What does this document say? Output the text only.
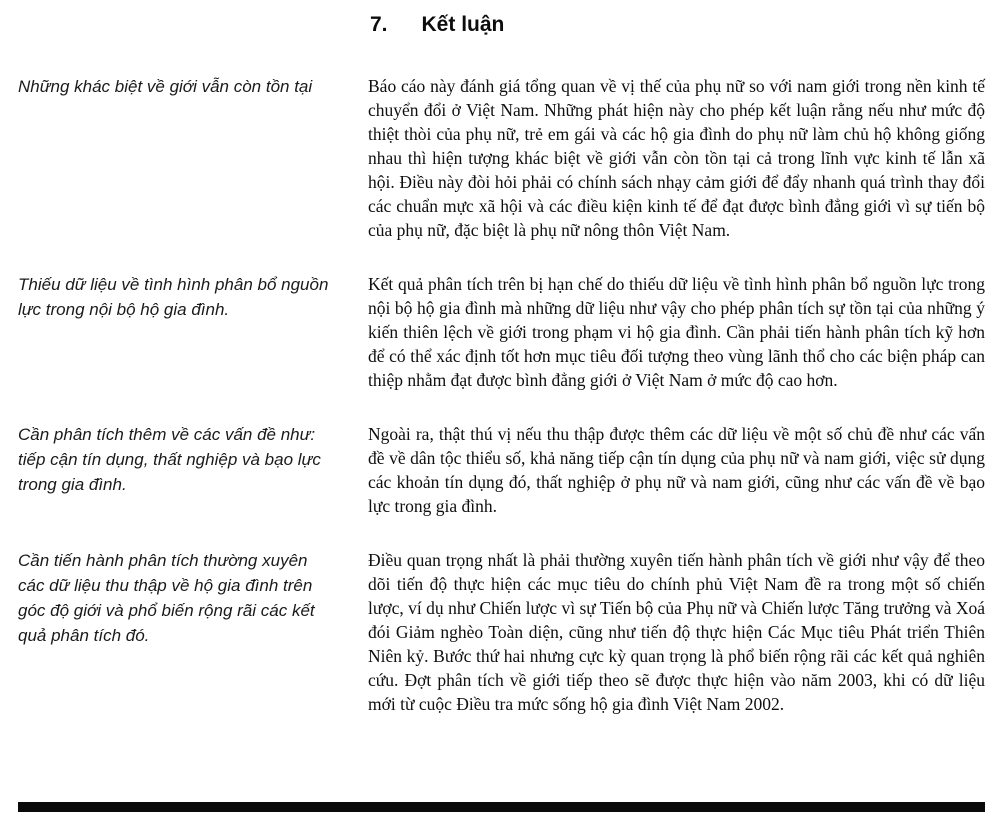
7. Kết luận
Những khác biệt về giới vẫn còn tồn tại	Báo cáo này đánh giá tổng quan về vị thế của phụ nữ so với nam giới trong nền kinh tế chuyển đổi ở Việt Nam. Những phát hiện này cho phép kết luận rằng nếu như mức độ thiệt thòi của phụ nữ, trẻ em gái và các hộ gia đình do phụ nữ làm chủ hộ không giống nhau thì hiện tượng khác biệt về giới vẫn còn tồn tại cả trong lĩnh vực kinh tế lẫn xã hội. Điều này đòi hỏi phải có chính sách nhạy cảm giới để đẩy nhanh quá trình thay đổi các chuẩn mực xã hội và các điều kiện kinh tế để đạt được bình đẳng giới vì sự tiến bộ của phụ nữ, đặc biệt là phụ nữ nông thôn Việt Nam.
Thiếu dữ liệu về tình hình phân bổ nguồn lực trong nội bộ hộ gia đình.
Kết quả phân tích trên bị hạn chế do thiếu dữ liệu về tình hình phân bổ nguồn lực trong nội bộ hộ gia đình mà những dữ liệu như vậy cho phép phân tích sự tồn tại của những ý kiến thiên lệch về giới trong phạm vi hộ gia đình. Cần phải tiến hành phân tích kỹ hơn để có thể xác định tốt hơn mục tiêu đối tượng theo vùng lãnh thổ cho các biện pháp can thiệp nhằm đạt được bình đẳng giới ở Việt Nam ở mức độ cao hơn.
Cần phân tích thêm về các vấn đề như: tiếp cận tín dụng, thất nghiệp và bạo lực trong gia đình.
Ngoài ra, thật thú vị nếu thu thập được thêm các dữ liệu về một số chủ đề như các vấn đề về dân tộc thiểu số, khả năng tiếp cận tín dụng của phụ nữ và nam giới, việc sử dụng các khoản tín dụng đó, thất nghiệp ở phụ nữ và nam giới, cũng như các vấn đề về bạo lực trong gia đình.
Cần tiến hành phân tích thường xuyên các dữ liệu thu thập về hộ gia đình trên góc độ giới và phổ biến rộng rãi các kết quả phân tích đó.
Điều quan trọng nhất là phải thường xuyên tiến hành phân tích về giới như vậy để theo dõi tiến độ thực hiện các mục tiêu do chính phủ Việt Nam đề ra trong một số chiến lược, ví dụ như Chiến lược vì sự Tiến bộ của Phụ nữ và Chiến lược Tăng trưởng và Xoá đói Giảm nghèo Toàn diện, cũng như tiến độ thực hiện Các Mục tiêu Phát triển Thiên Niên kỷ. Bước thứ hai nhưng cực kỳ quan trọng là phổ biến rộng rãi các kết quả nghiên cứu. Đợt phân tích về giới tiếp theo sẽ được thực hiện vào năm 2003, khi có dữ liệu mới từ cuộc Điều tra mức sống hộ gia đình Việt Nam 2002.
